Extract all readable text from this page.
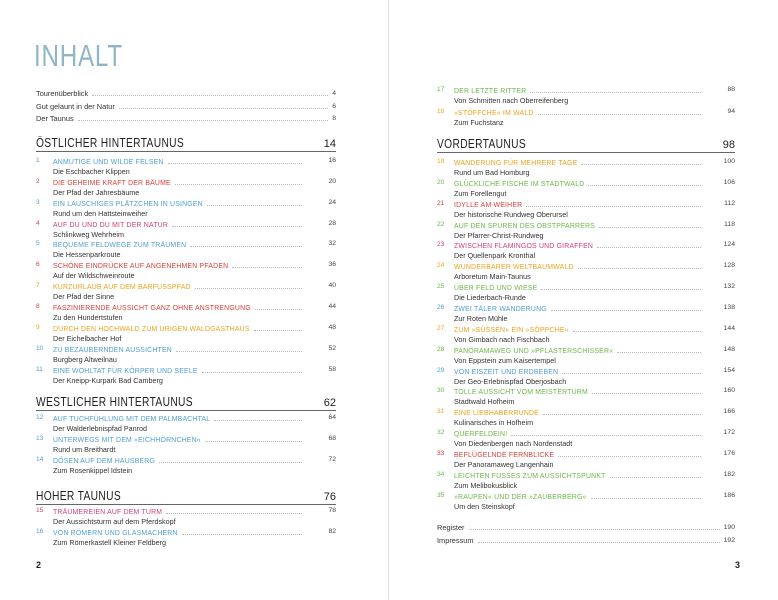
INHALT
Tourenüberblick	4
Gut gelaunt in der Natur	6
Der Taunus	8
ÖSTLICHER HINTERTAUNUS	14
1	ANMUTIGE UND WILDE FELSEN	16
Die Eschbacher Klippen
2	DIE GEHEIME KRAFT DER BÄUME	20
Der Pfad der Jahresbäume
3	EIN LAUSCHIGES PLÄTZCHEN IN USINGEN	24
Rund um den Hattsteinweiher
4	AUF DU UND DU MIT DER NATUR	28
Schlinkweg Wehrheim
5	BEQUEME FELDWEGE ZUM TRÄUMEN	32
Die Hessenparkroute
6	SCHÖNE EINDRÜCKE AUF ANGENEHMEN PFADEN	36
Auf der Wildschweinroute
7	KURZURLAUB AUF DEM BARFUSSPFAD	40
Der Pfad der Sinne
8	FASZINIERENDE AUSSICHT GANZ OHNE ANSTRENGUNG	44
Zu den Hundertstufen
9	DURCH DEN HOCHWALD ZUM URIGEN WALDGASTHAUS	48
Der Eichelbacher Hof
10	ZU BEZAUBERNDEN AUSSICHTEN	52
Burgberg Altweilnau
11	EINE WOHLTAT FÜR KÖRPER UND SEELE	58
Der Kneipp-Kurpark Bad Camberg
WESTLICHER HINTERTAUNUS	62
12	AUF TUCHFÜHLUNG MIT DEM PALMBACHTAL	64
Der Walderlebnispfad Panrod
13	UNTERWEGS MIT DEM »EICHHÖRNCHEN«	68
Rund um Breithardt
14	DÖSEN AUF DEM HAUSBERG	72
Zum Rosenkippel Idstein
HOHER TAUNUS	76
15	TRÄUMEREIEN AUF DEM TURM	78
Der Aussichtsturm auf dem Pferdskopf
16	VON RÖMERN UND GLASMACHERN	82
Zum Römerkastell Kleiner Feldberg
2
17	DER LETZTE RITTER	88
Von Schmitten nach Oberreifenberg
18	»STÖFFCHE« IM WALD	94
Zum Fuchstanz
VORDERTAUNUS	98
19	WANDERUNG FÜR MEHRERE TAGE	100
Rund um Bad Homburg
20	GLÜCKLICHE FISCHE IM STADTWALD	106
Zum Forellengut
21	IDYLLE AM WEIHER	112
Der historische Rundweg Oberursel
22	AUF DEN SPUREN DES OBSTPFARRERS	118
Der Pfarrer-Christ-Rundweg
23	ZWISCHEN FLAMINGOS UND GIRAFFEN	124
Der Quellenpark Kronthal
24	WUNDERBARER WELTBAUMWALD	128
Arboretum Main-Taunus
25	ÜBER FELD UND WIESE	132
Die Liederbach-Runde
26	ZWEI TÄLER WANDERUNG	138
Zur Roten Mühle
27	ZUM »SÜSSEN« EIN »SÖPPCHE«	144
Von Gimbach nach Fischbach
28	PANORAMAWEG UND »PFLASTERSCHISSER«	148
Von Eppstein zum Kaisertempel
29	VON EISZEIT UND ERDBEBEN	154
Der Geo-Erlebnispfad Oberjosbach
30	TOLLE AUSSICHT VOM MEISTERTURM	160
Stadtwald Hofheim
31	EINE LIEBHABERRUNDE	166
Kulinarisches in Hofheim
32	QUERFELDEIN!	172
Von Diedenbergen nach Nordenstadt
33	BEFLÜGELNDE FERNBLICKE	176
Der Panoramaweg Langenhain
34	LEICHTEN FUSSES ZUM AUSSICHTSPUNKT	182
Zum Melibokusblick
35	»RAUPEN« UND DER »ZAUBERBERG«	186
Um den Steinskopf
Register	190
Impressum	192
3
